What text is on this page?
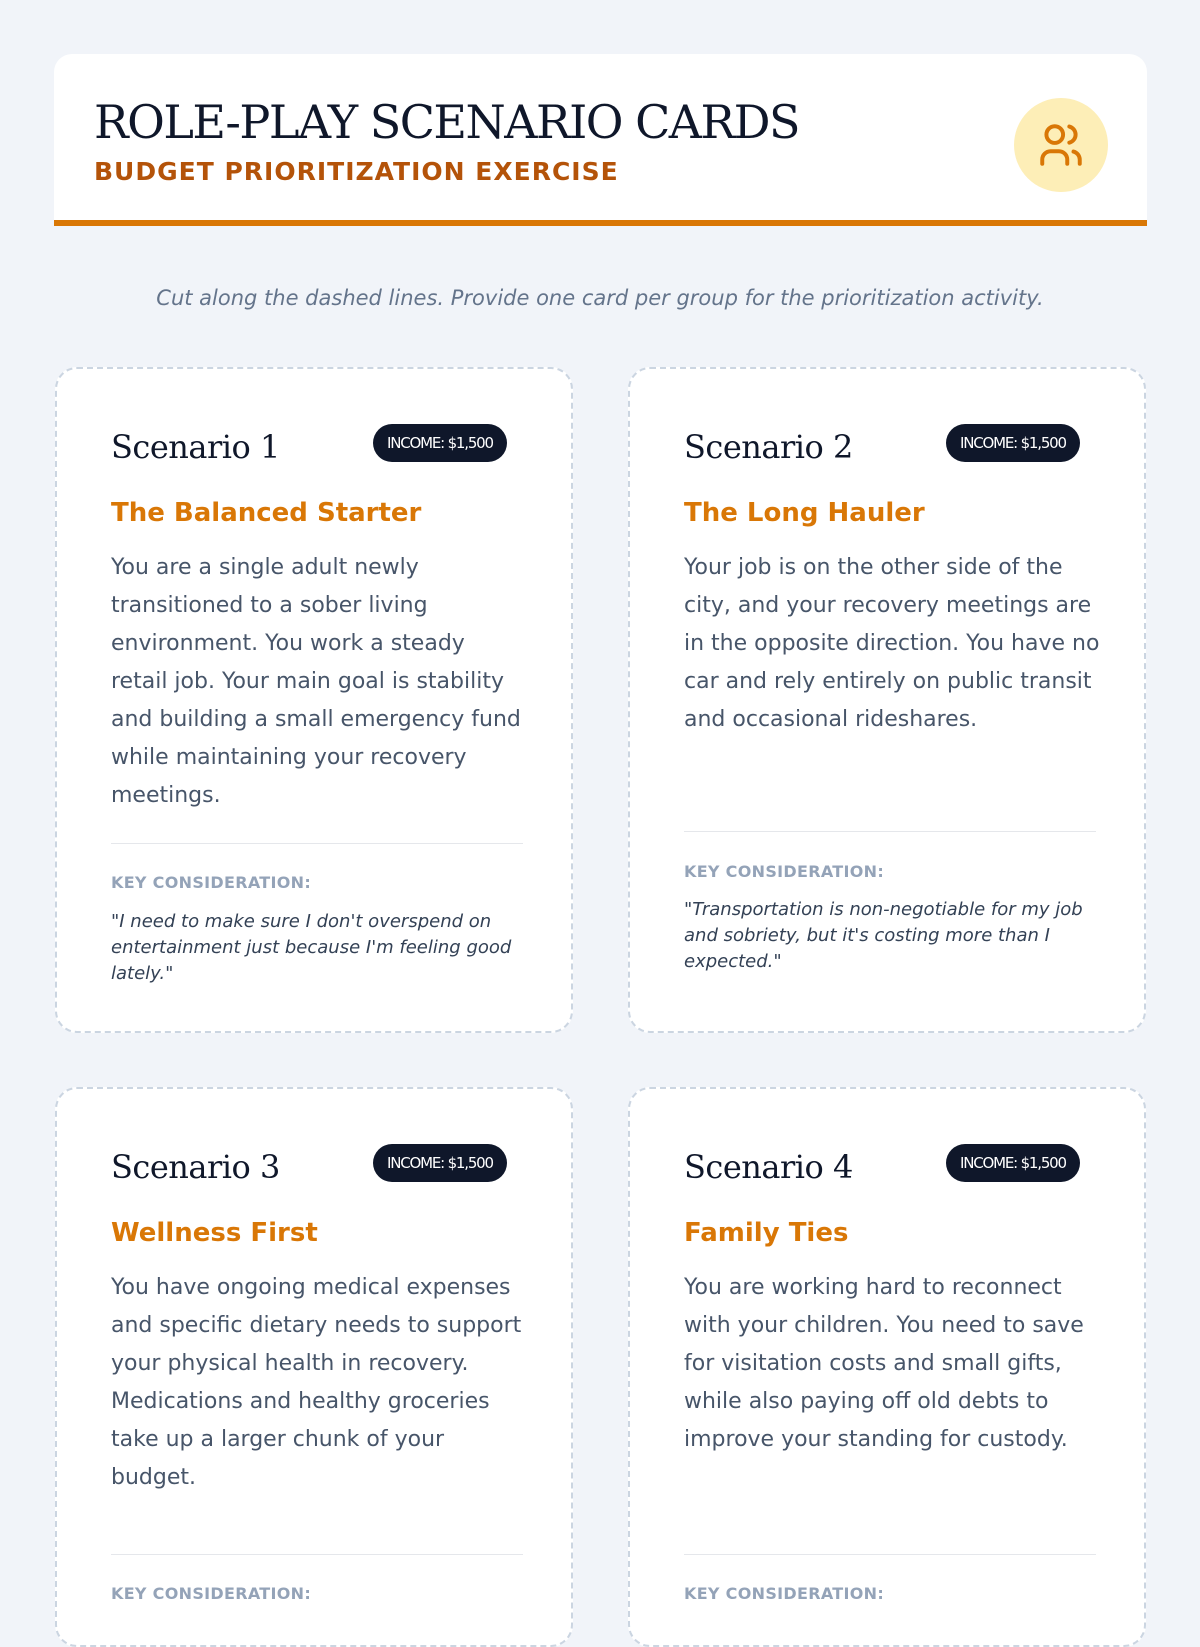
ROLE-PLAY SCENARIO CARDS
BUDGET PRIORITIZATION EXERCISE

Cut along the dashed lines. Provide one card per group for the prioritization activity.

Scenario 1	INCOME: $1,500
The Balanced Starter

You are a single adult newly transitioned to a sober living environment. You work a steady retail job. Your main goal is stability and building a small emergency fund while maintaining your recovery meetings.

KEY CONSIDERATION:

"I need to make sure I don't overspend on entertainment just because I'm feeling good lately."

Scenario 2	INCOME: $1,500
The Long Hauler

Your job is on the other side of the city, and your recovery meetings are in the opposite direction. You have no car and rely entirely on public transit and occasional rideshares.

KEY CONSIDERATION:

"Transportation is non-negotiable for my job and sobriety, but it's costing more than I expected."

Scenario 3	INCOME: $1,500
Wellness First

You have ongoing medical expenses and specific dietary needs to support your physical health in recovery. Medications and healthy groceries take up a larger chunk of your budget.

KEY CONSIDERATION:
Scenario 4	INCOME: $1,500
Family Ties

You are working hard to reconnect with your children. You need to save for visitation costs and small gifts, while also paying off old debts to improve your standing for custody.

KEY CONSIDERATION:
